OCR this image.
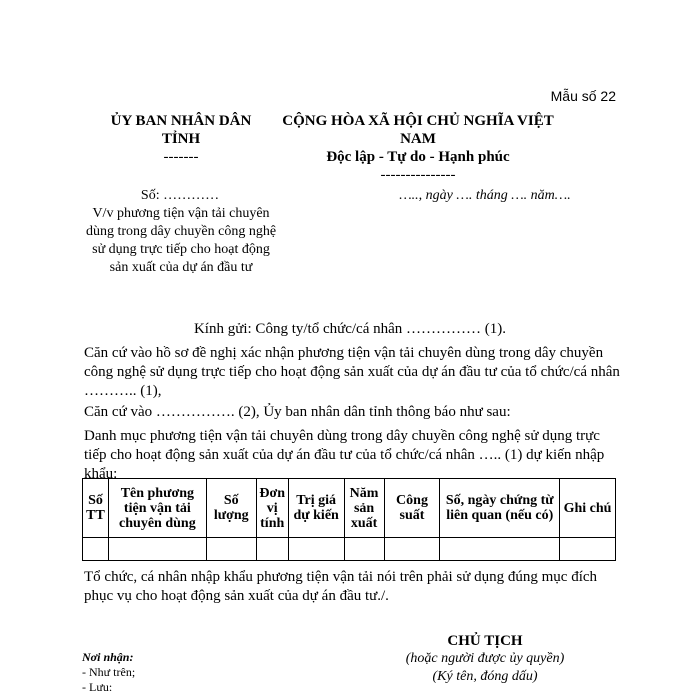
Mẫu số 22
ỦY BAN NHÂN DÂN
TỈNH
-------
CỘNG HÒA XÃ HỘI CHỦ NGHĨA VIỆT
NAM
Độc lập - Tự do - Hạnh phúc
---------------
Số: …………
V/v phương tiện vận tải chuyên dùng trong dây chuyền công nghệ sử dụng trực tiếp cho hoạt động sản xuất của dự án đầu tư
….., ngày …. tháng …. năm….
Kính gửi: Công ty/tổ chức/cá nhân …………… (1).
Căn cứ vào hồ sơ đề nghị xác nhận phương tiện vận tải chuyên dùng trong dây chuyền công nghệ sử dụng trực tiếp cho hoạt động sản xuất của dự án đầu tư của tổ chức/cá nhân ……….. (1),
Căn cứ vào ……………. (2), Ủy ban nhân dân tỉnh thông báo như sau:
Danh mục phương tiện vận tải chuyên dùng trong dây chuyền công nghệ sử dụng trực tiếp cho hoạt động sản xuất của dự án đầu tư của tổ chức/cá nhân ….. (1) dự kiến nhập khẩu:
Số TT	Tên phương tiện vận tải chuyên dùng	Số lượng	Đơn vị tính	Trị giá dự kiến	Năm sản xuất	Công suất	Số, ngày chứng từ liên quan (nếu có)	Ghi chú

Tổ chức, cá nhân nhập khẩu phương tiện vận tải nói trên phải sử dụng đúng mục đích phục vụ cho hoạt động sản xuất của dự án đầu tư./.
Nơi nhận:
- Như trên;
- Lưu:
CHỦ TỊCH
(hoặc người được ủy quyền)
(Ký tên, đóng dấu)
